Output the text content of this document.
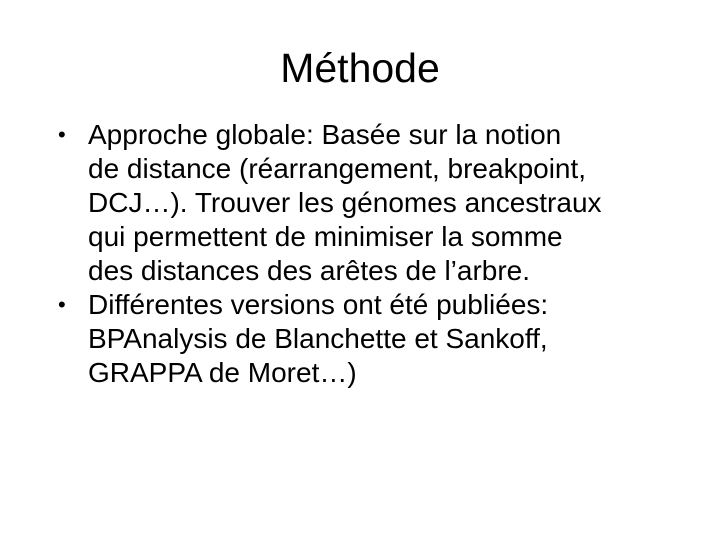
Méthode
• Approche globale: Basée sur la notion
de distance (réarrangement, breakpoint,
DCJ…). Trouver les génomes ancestraux
qui permettent de minimiser la somme
des distances des arêtes de l’arbre.
• Différentes versions ont été publiées:
BPAnalysis de Blanchette et Sankoff,
GRAPPA de Moret…)
